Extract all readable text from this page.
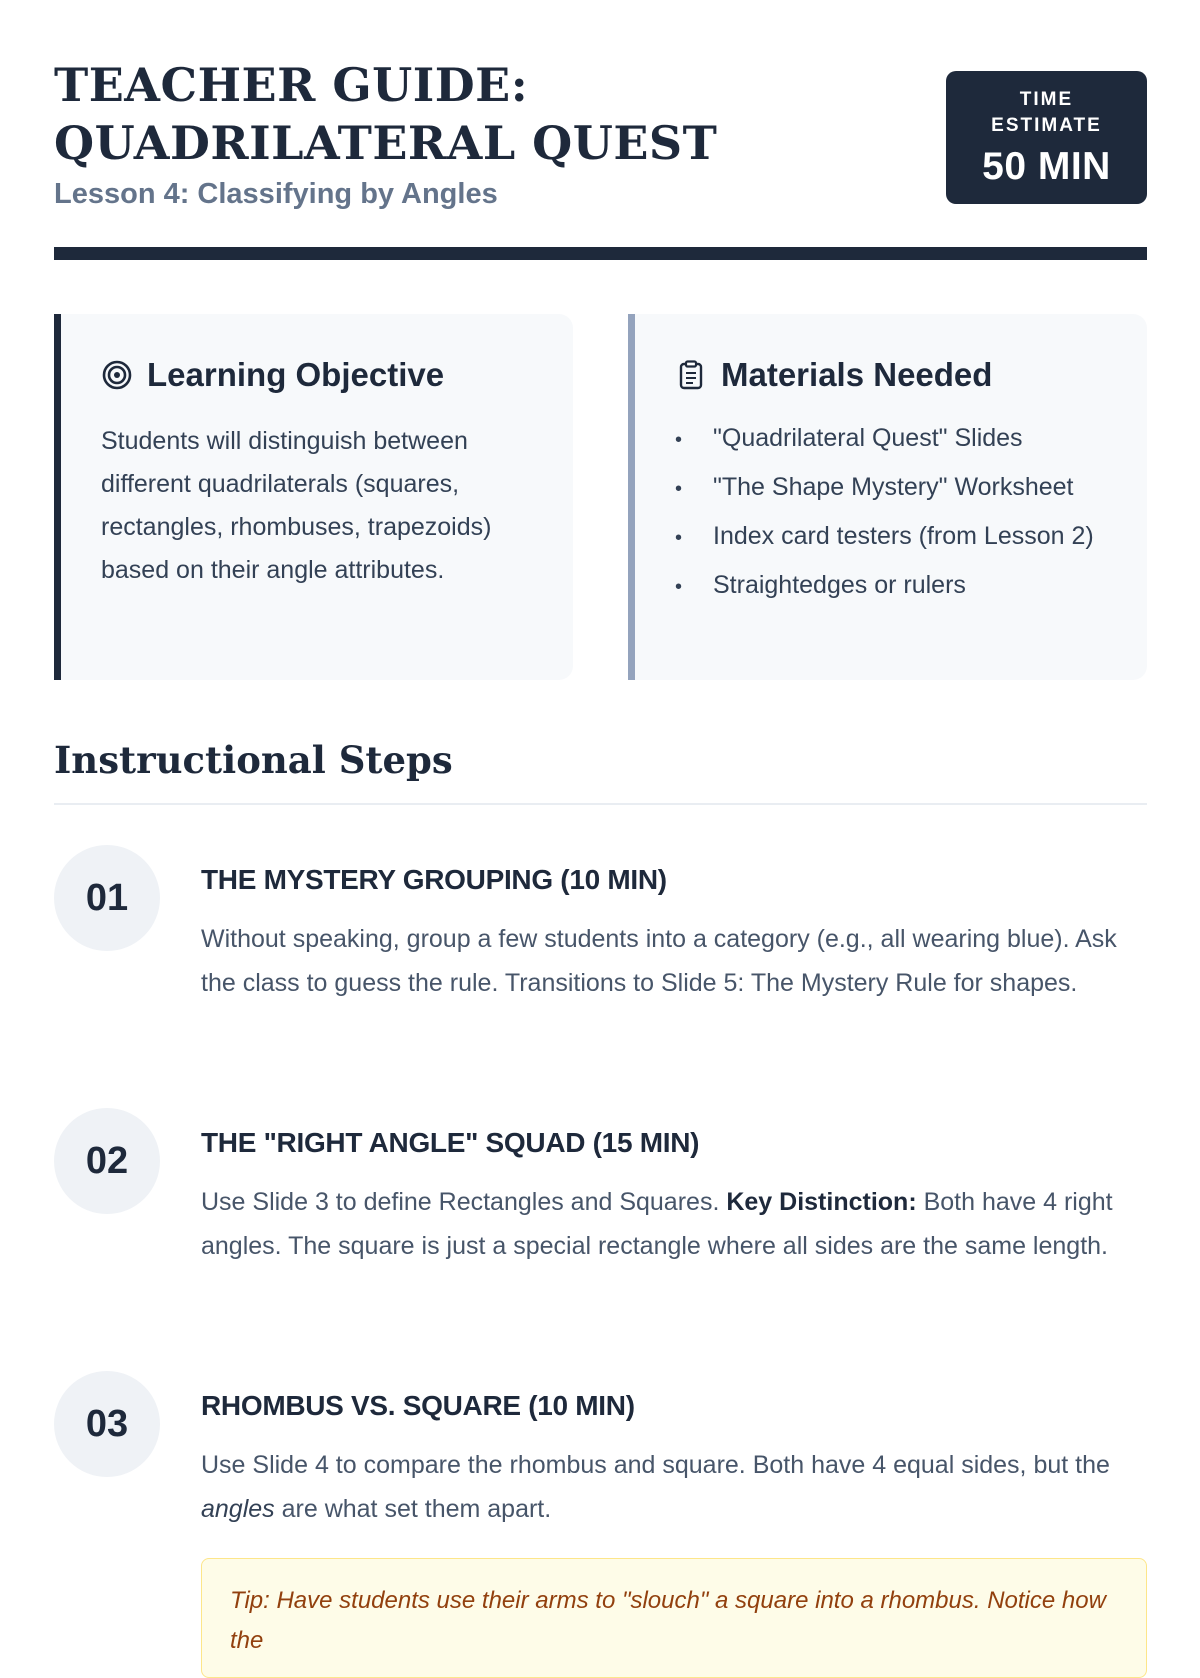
TEACHER GUIDE: QUADRILATERAL QUEST
Lesson 4: Classifying by Angles
TIME ESTIMATE
50 MIN
Learning Objective

Students will distinguish between different quadrilaterals (squares, rectangles, rhombuses, trapezoids) based on their angle attributes.

Materials Needed
• "Quadrilateral Quest" Slides
• "The Shape Mystery" Worksheet
• Index card testers (from Lesson 2)
• Straightedges or rulers
Instructional Steps
01	THE MYSTERY GROUPING (10 MIN)

Without speaking, group a few students into a category (e.g., all wearing blue). Ask the class to guess the rule. Transitions to Slide 5: The Mystery Rule for shapes.

02	THE "RIGHT ANGLE" SQUAD (15 MIN)

Use Slide 3 to define Rectangles and Squares. Key Distinction: Both have 4 right angles. The square is just a special rectangle where all sides are the same length.

03	RHOMBUS VS. SQUARE (10 MIN)

Use Slide 4 to compare the rhombus and square. Both have 4 equal sides, but the angles are what set them apart.

Tip: Have students use their arms to "slouch" a square into a rhombus. Notice how the
